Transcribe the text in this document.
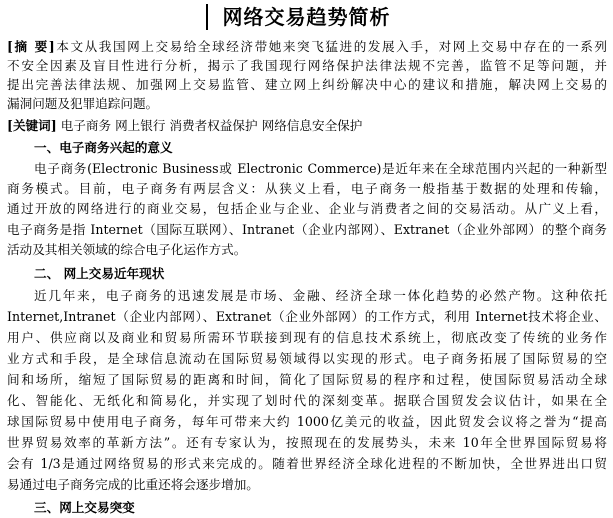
网络交易趋势简析
[摘 要]本文从我国网上交易给全球经济带她来突飞猛进的发展入手，对网上交易中存在的一系列
不安全因素及盲目性进行分析，揭示了我国现行网络保护法律法规不完善，监管不足等问题，并
提出完善法律法规、加强网上交易监管、建立网上纠纷解决中心的建议和措施，解决网上交易的
漏洞问题及犯罪追踪问题。
[关键词] 电子商务 网上银行 消费者权益保护 网络信息安全保护
一、电子商务兴起的意义
电子商务(Electronic Business或 Electronic Commerce)是近年来在全球范围内兴起的一种新型
商务模式。目前，电子商务有两层含义：从狭义上看，电子商务一般指基于数据的处理和传输，
通过开放的网络进行的商业交易，包括企业与企业、企业与消费者之间的交易活动。从广义上看，
电子商务是指 Internet（国际互联网）、Intranet（企业内部网）、Extranet（企业外部网）的整个商务
活动及其相关领域的综合电子化运作方式。
二、 网上交易近年现状
近几年来，电子商务的迅速发展是市场、金融、经济全球一体化趋势的必然产物。这种依托
Internet,Intranet（企业内部网）、Extranet（企业外部网）的工作方式，利用 Internet技术将企业、
用户、供应商以及商业和贸易所需环节联接到现有的信息技术系统上，彻底改变了传统的业务作
业方式和手段，是全球信息流动在国际贸易领域得以实现的形式。电子商务拓展了国际贸易的空
间和场所，缩短了国际贸易的距离和时间，简化了国际贸易的程序和过程，使国际贸易活动全球
化、智能化、无纸化和简易化，并实现了划时代的深刻变革。据联合国贸发会议估计，如果在全
球国际贸易中使用电子商务，每年可带来大约 1000亿美元的收益，因此贸发会议将之誉为“提高
世界贸易效率的革新方法”。还有专家认为，按照现在的发展势头，未来 10年全世界国际贸易将
会有 1/3是通过网络贸易的形式来完成的。随着世界经济全球化进程的不断加快，全世界进出口贸
易通过电子商务完成的比重还将会逐步增加。
三、网上交易突变
